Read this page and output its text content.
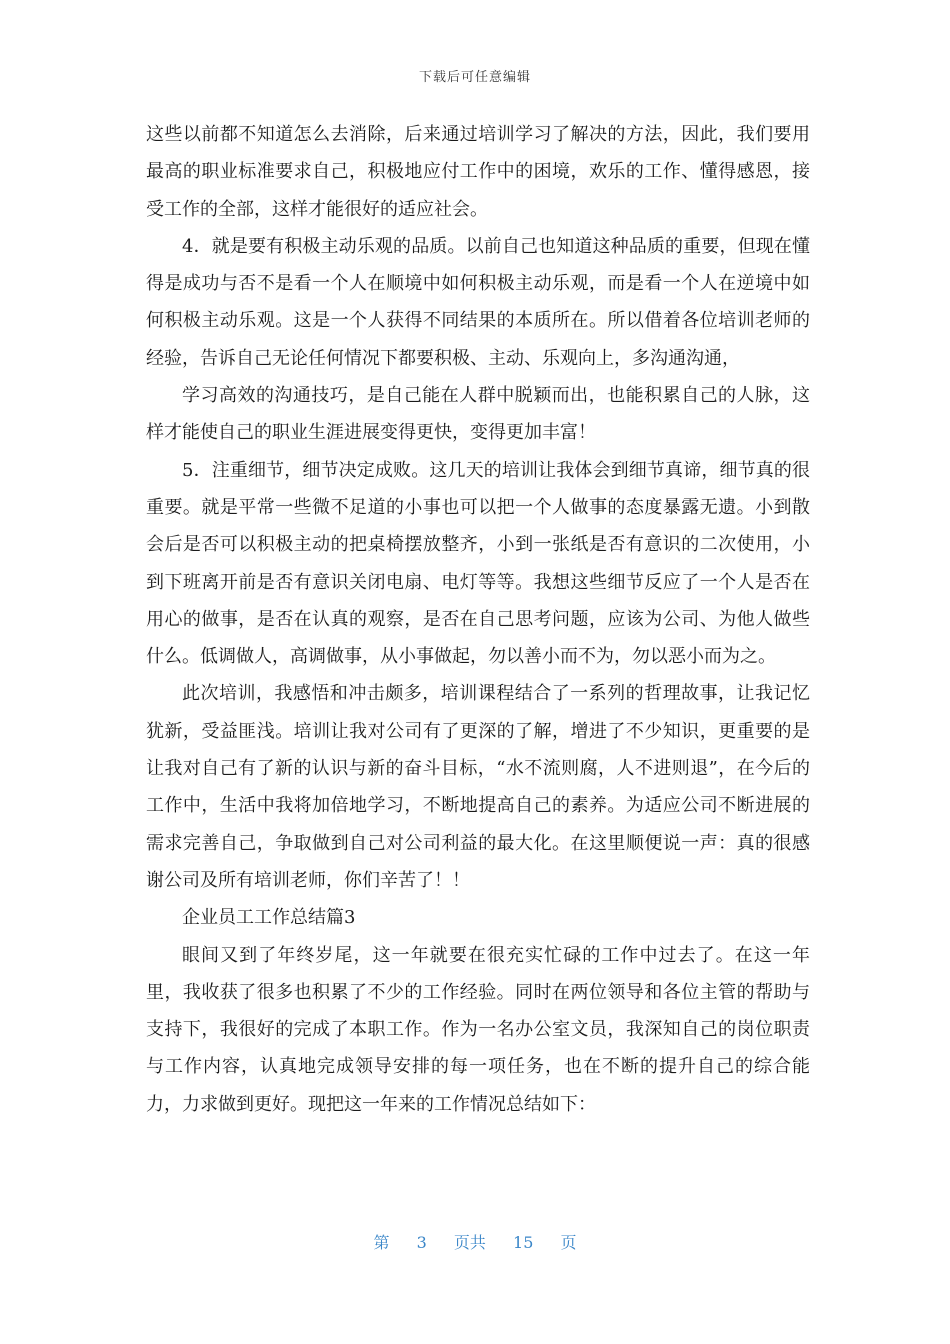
下载后可任意编辑

这些以前都不知道怎么去消除，后来通过培训学习了解决的方法，因此，我们要用最高的职业标准要求自己，积极地应付工作中的困境，欢乐的工作、懂得感恩，接受工作的全部，这样才能很好的适应社会。

4．就是要有积极主动乐观的品质。以前自己也知道这种品质的重要，但现在懂得是成功与否不是看一个人在顺境中如何积极主动乐观，而是看一个人在逆境中如何积极主动乐观。这是一个人获得不同结果的本质所在。所以借着各位培训老师的经验，告诉自己无论任何情况下都要积极、主动、乐观向上，多沟通沟通，

学习高效的沟通技巧，是自己能在人群中脱颖而出，也能积累自己的人脉，这样才能使自己的职业生涯进展变得更快，变得更加丰富！

5．注重细节，细节决定成败。这几天的培训让我体会到细节真谛，细节真的很重要。就是平常一些微不足道的小事也可以把一个人做事的态度暴露无遗。小到散会后是否可以积极主动的把桌椅摆放整齐，小到一张纸是否有意识的二次使用，小到下班离开前是否有意识关闭电扇、电灯等等。我想这些细节反应了一个人是否在用心的做事，是否在认真的观察，是否在自己思考问题，应该为公司、为他人做些什么。低调做人，高调做事，从小事做起，勿以善小而不为，勿以恶小而为之。

此次培训，我感悟和冲击颇多，培训课程结合了一系列的哲理故事，让我记忆犹新，受益匪浅。培训让我对公司有了更深的了解，增进了不少知识，更重要的是让我对自己有了新的认识与新的奋斗目标，“水不流则腐，人不进则退”，在今后的工作中，生活中我将加倍地学习，不断地提高自己的素养。为适应公司不断进展的需求完善自己，争取做到自己对公司利益的最大化。在这里顺便说一声：真的很感谢公司及所有培训老师，你们辛苦了！！

企业员工工作总结篇3

眼间又到了年终岁尾，这一年就要在很充实忙碌的工作中过去了。在这一年里，我收获了很多也积累了不少的工作经验。同时在两位领导和各位主管的帮助与支持下，我很好的完成了本职工作。作为一名办公室文员，我深知自己的岗位职责与工作内容，认真地完成领导安排的每一项任务，也在不断的提升自己的综合能力，力求做到更好。现把这一年来的工作情况总结如下：

第 3 页共 15 页
